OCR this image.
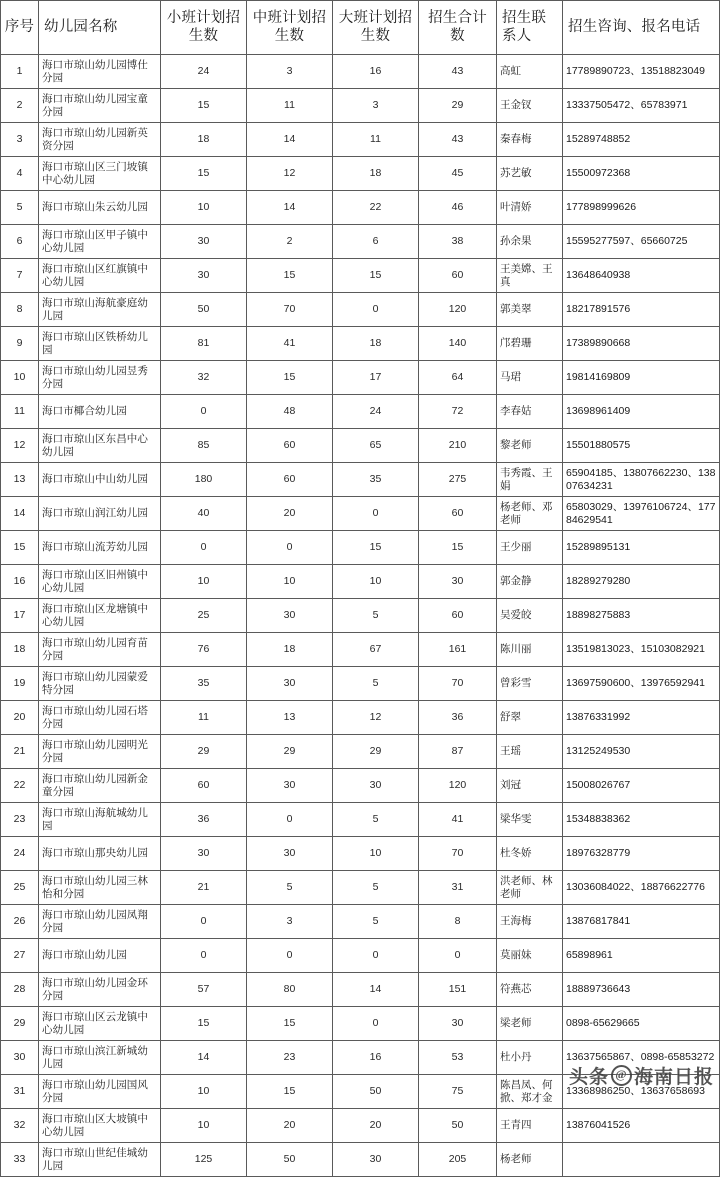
序号	幼儿园名称	小班计划招生数	中班计划招生数	大班计划招生数	招生合计数	招生联系人	招生咨询、报名电话
1	海口市琼山幼儿园博仕分园	24	3	16	43	高虹	17789890723、13518823049
2	海口市琼山幼儿园宝童分园	15	11	3	29	王金钗	13337505472、65783971
3	海口市琼山幼儿园新英资分园	18	14	11	43	秦春梅	15289748852
4	海口市琼山区三门坡镇中心幼儿园	15	12	18	45	苏艺敏	15500972368
5	海口市琼山朱云幼儿园	10	14	22	46	叶清娇	177898999626
6	海口市琼山区甲子镇中心幼儿园	30	2	6	38	孙余果	15595277597、65660725
7	海口市琼山区红旗镇中心幼儿园	30	15	15	60	王美嫦、王真	13648640938
8	海口市琼山海航豪庭幼儿园	50	70	0	120	郭美翠	18217891576
9	海口市琼山区铁桥幼儿园	81	41	18	140	邝碧珊	17389890668
10	海口市琼山幼儿园昱秀分园	32	15	17	64	马珺	19814169809
11	海口市椰合幼儿园	0	48	24	72	李春姑	13698961409
12	海口市琼山区东昌中心幼儿园	85	60	65	210	黎老师	15501880575
13	海口市琼山中山幼儿园	180	60	35	275	韦秀霞、王娟	65904185、13807662230、13807634231
14	海口市琼山润江幼儿园	40	20	0	60	杨老师、邓老师	65803029、13976106724、17784629541
15	海口市琼山流芳幼儿园	0	0	15	15	王少丽	15289895131
16	海口市琼山区旧州镇中心幼儿园	10	10	10	30	郭金静	18289279280
17	海口市琼山区龙塘镇中心幼儿园	25	30	5	60	吴爱皎	18898275883
18	海口市琼山幼儿园育苗分园	76	18	67	161	陈川丽	13519813023、15103082921
19	海口市琼山幼儿园蒙爱特分园	35	30	5	70	曾彩雪	13697590600、13976592941
20	海口市琼山幼儿园石塔分园	11	13	12	36	舒翠	13876331992
21	海口市琼山幼儿园明光分园	29	29	29	87	王瑶	13125249530
22	海口市琼山幼儿园新金童分园	60	30	30	120	刘冠	15008026767
23	海口市琼山海航城幼儿园	36	0	5	41	梁华雯	15348838362
24	海口市琼山那央幼儿园	30	30	10	70	杜冬娇	18976328779
25	海口市琼山幼儿园三林怡和分园	21	5	5	31	洪老师、林老师	13036084022、18876622776
26	海口市琼山幼儿园凤翔分园	0	3	5	8	王海梅	13876817841
27	海口市琼山幼儿园	0	0	0	0	莫丽妹	65898961
28	海口市琼山幼儿园金环分园	57	80	14	151	符燕芯	18889736643
29	海口市琼山区云龙镇中心幼儿园	15	15	0	30	梁老师	0898-65629665
30	海口市琼山滨江新城幼儿园	14	23	16	53	杜小丹	13637565867、0898-65853272
31	海口市琼山幼儿园国风分园	10	15	50	75	陈昌凤、何掀、郑才金	13368986250、13637658693
32	海口市琼山区大坡镇中心幼儿园	10	20	20	50	王青四	13876041526
33	海口市琼山世纪佳城幼儿园	125	50	30	205	杨老师	
头条 @ 海南日报
